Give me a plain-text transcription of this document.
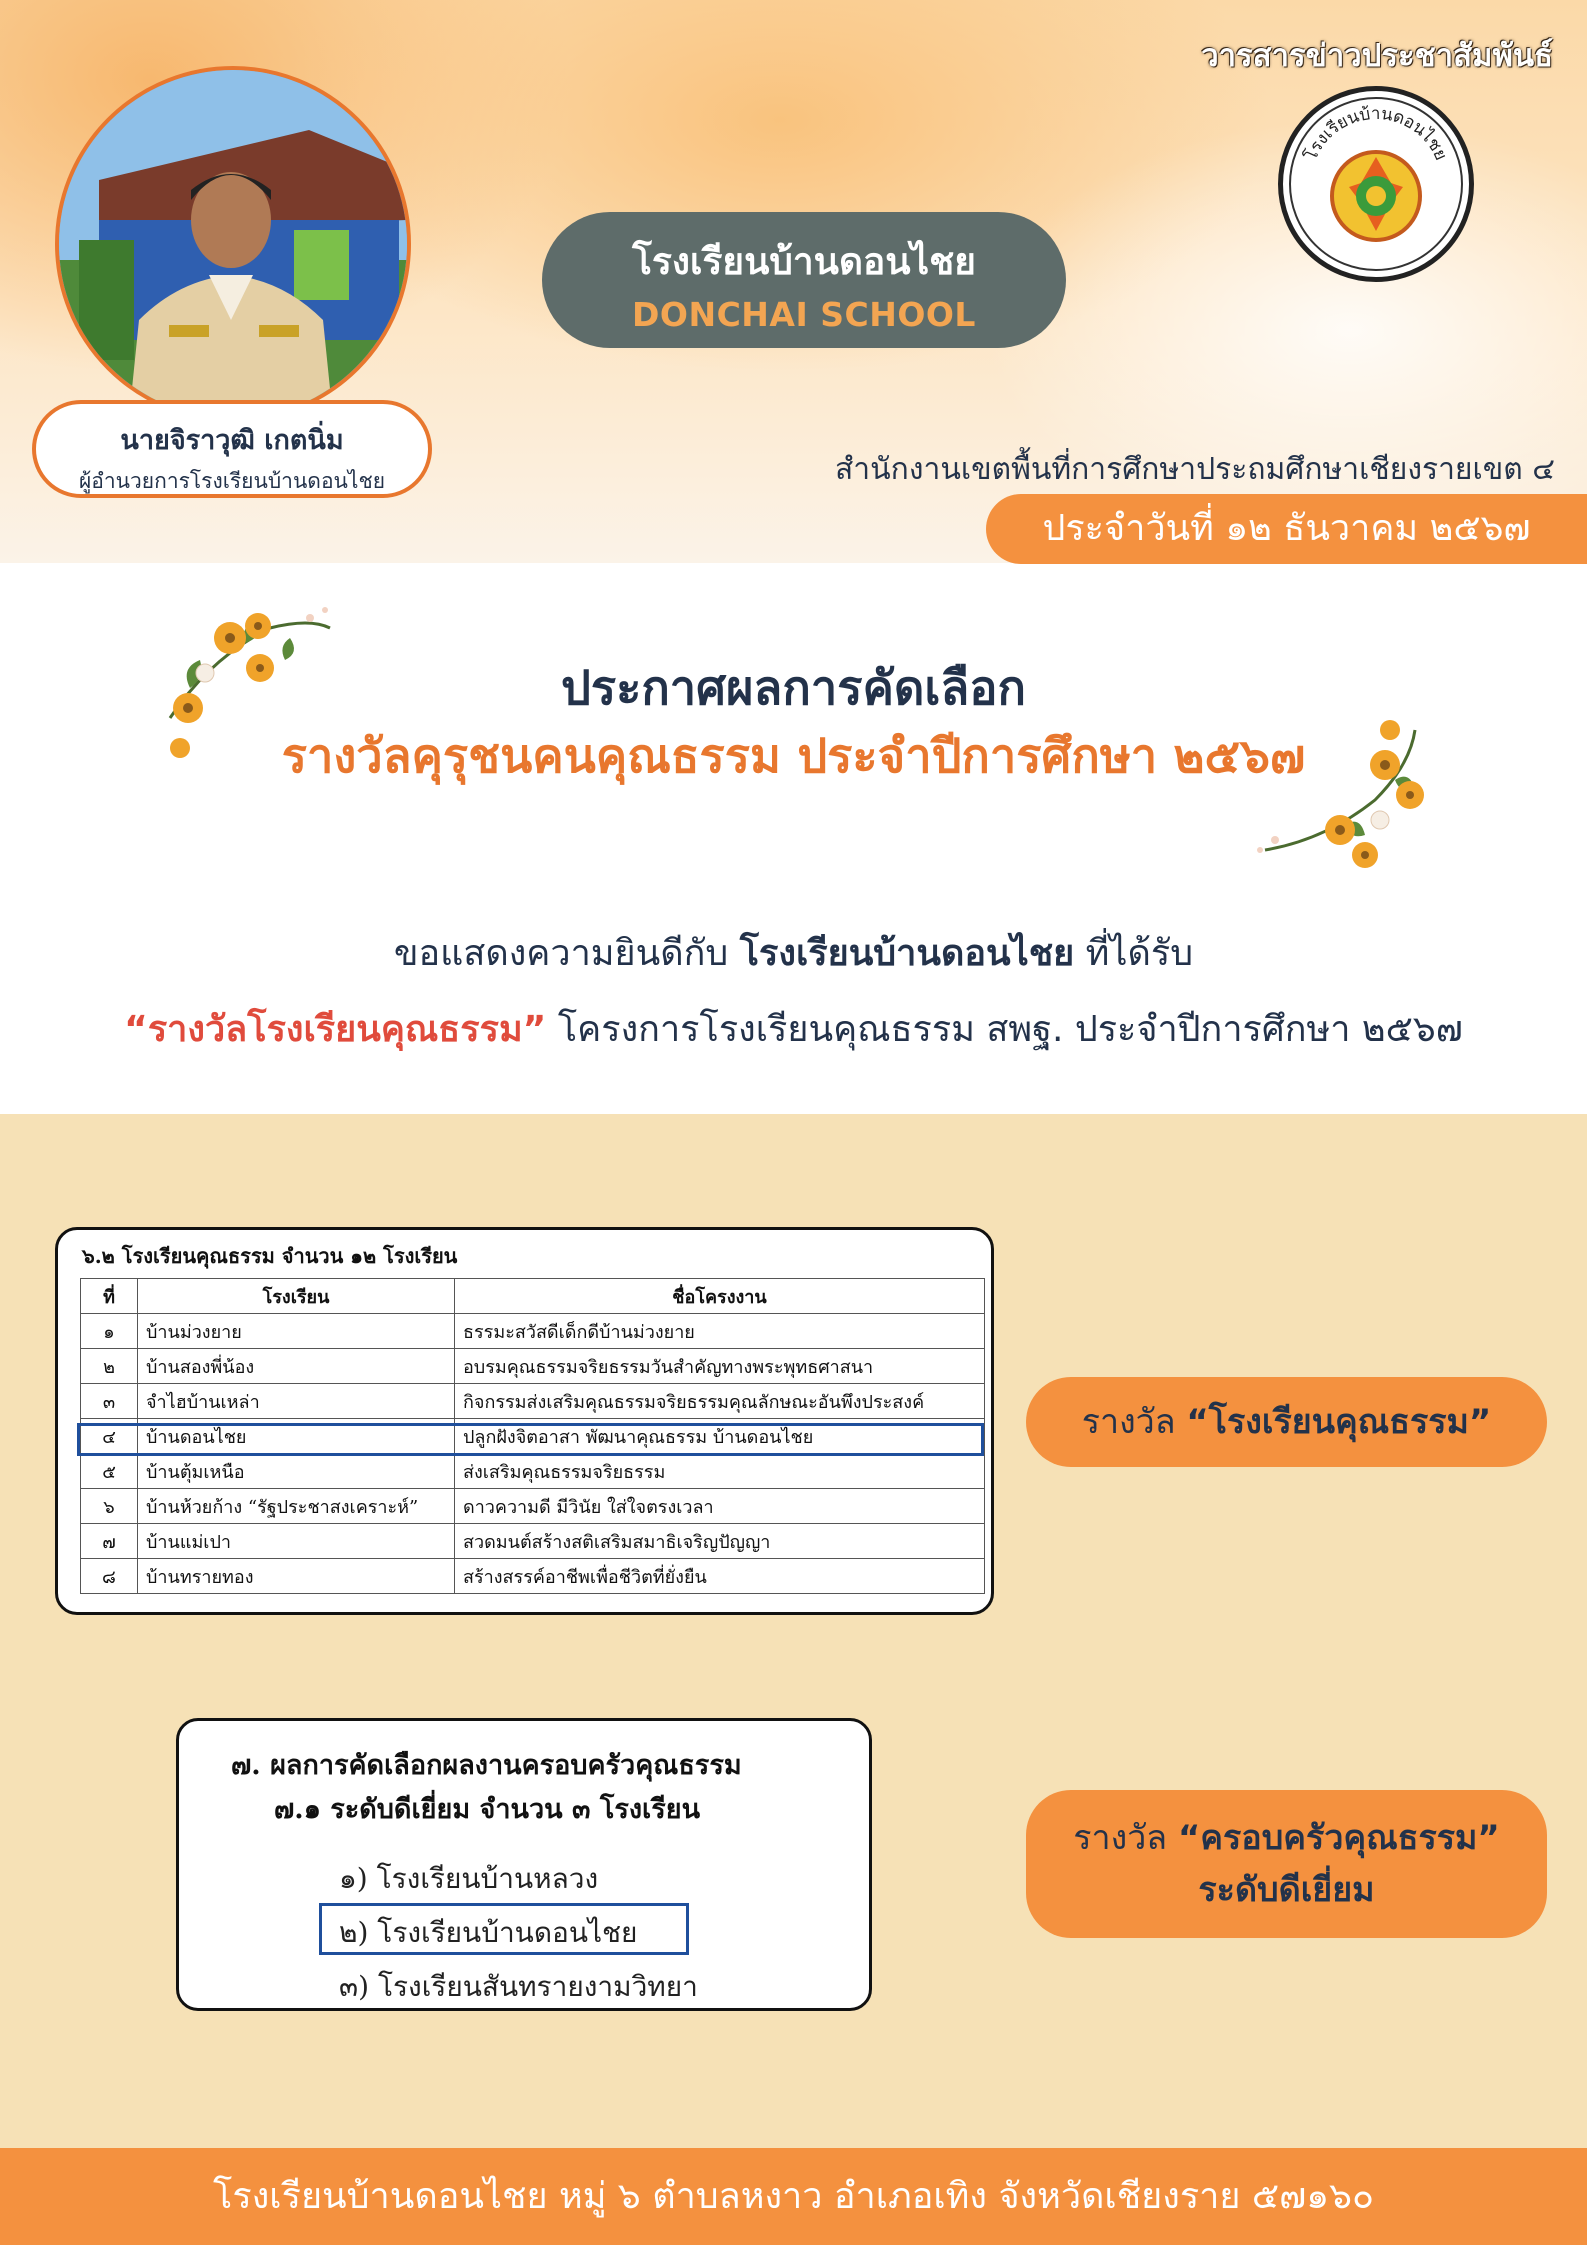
วารสารข่าวประชาสัมพันธ์
นายจิราวุฒิ เกตนิ่ม
ผู้อำนวยการโรงเรียนบ้านดอนไชย
โรงเรียนบ้านดอนไชย
DONCHAI SCHOOL
โรงเรียนบ้านดอนไชย
สำนักงานเขตพื้นที่การศึกษาประถมศึกษาเชียงรายเขต ๔
ประจำวันที่ ๑๒ ธันวาคม ๒๕๖๗
ประกาศผลการคัดเลือก
รางวัลคุรุชนคนคุณธรรม ประจำปีการศึกษา ๒๕๖๗
ขอแสดงความยินดีกับ โรงเรียนบ้านดอนไชย ที่ได้รับ
“รางวัลโรงเรียนคุณธรรม” โครงการโรงเรียนคุณธรรม สพฐ. ประจำปีการศึกษา ๒๕๖๗
๖.๒ โรงเรียนคุณธรรม จำนวน ๑๒ โรงเรียน
ที่	โรงเรียน	ชื่อโครงงาน
๑	บ้านม่วงยาย	ธรรมะสวัสดีเด็กดีบ้านม่วงยาย
๒	บ้านสองพี่น้อง	อบรมคุณธรรมจริยธรรมวันสำคัญทางพระพุทธศาสนา
๓	จำไฮบ้านเหล่า	กิจกรรมส่งเสริมคุณธรรมจริยธรรมคุณลักษณะอันพึงประสงค์
๔	บ้านดอนไชย	ปลูกฝังจิตอาสา พัฒนาคุณธรรม บ้านดอนไชย
๕	บ้านตุ้มเหนือ	ส่งเสริมคุณธรรมจริยธรรม
๖	บ้านห้วยก้าง “รัฐประชาสงเคราะห์”	ดาวความดี มีวินัย ใส่ใจตรงเวลา
๗	บ้านแม่เปา	สวดมนต์สร้างสติเสริมสมาธิเจริญปัญญา
๘	บ้านทรายทอง	สร้างสรรค์อาชีพเพื่อชีวิตที่ยั่งยืน
รางวัล “โรงเรียนคุณธรรม”
๗. ผลการคัดเลือกผลงานครอบครัวคุณธรรม
๗.๑ ระดับดีเยี่ยม จำนวน ๓ โรงเรียน
๑) โรงเรียนบ้านหลวง
๒) โรงเรียนบ้านดอนไชย
๓) โรงเรียนสันทรายงามวิทยา
รางวัล “ครอบครัวคุณธรรม”
ระดับดีเยี่ยม
โรงเรียนบ้านดอนไชย หมู่ ๖ ตำบลหงาว อำเภอเทิง จังหวัดเชียงราย ๕๗๑๖๐
